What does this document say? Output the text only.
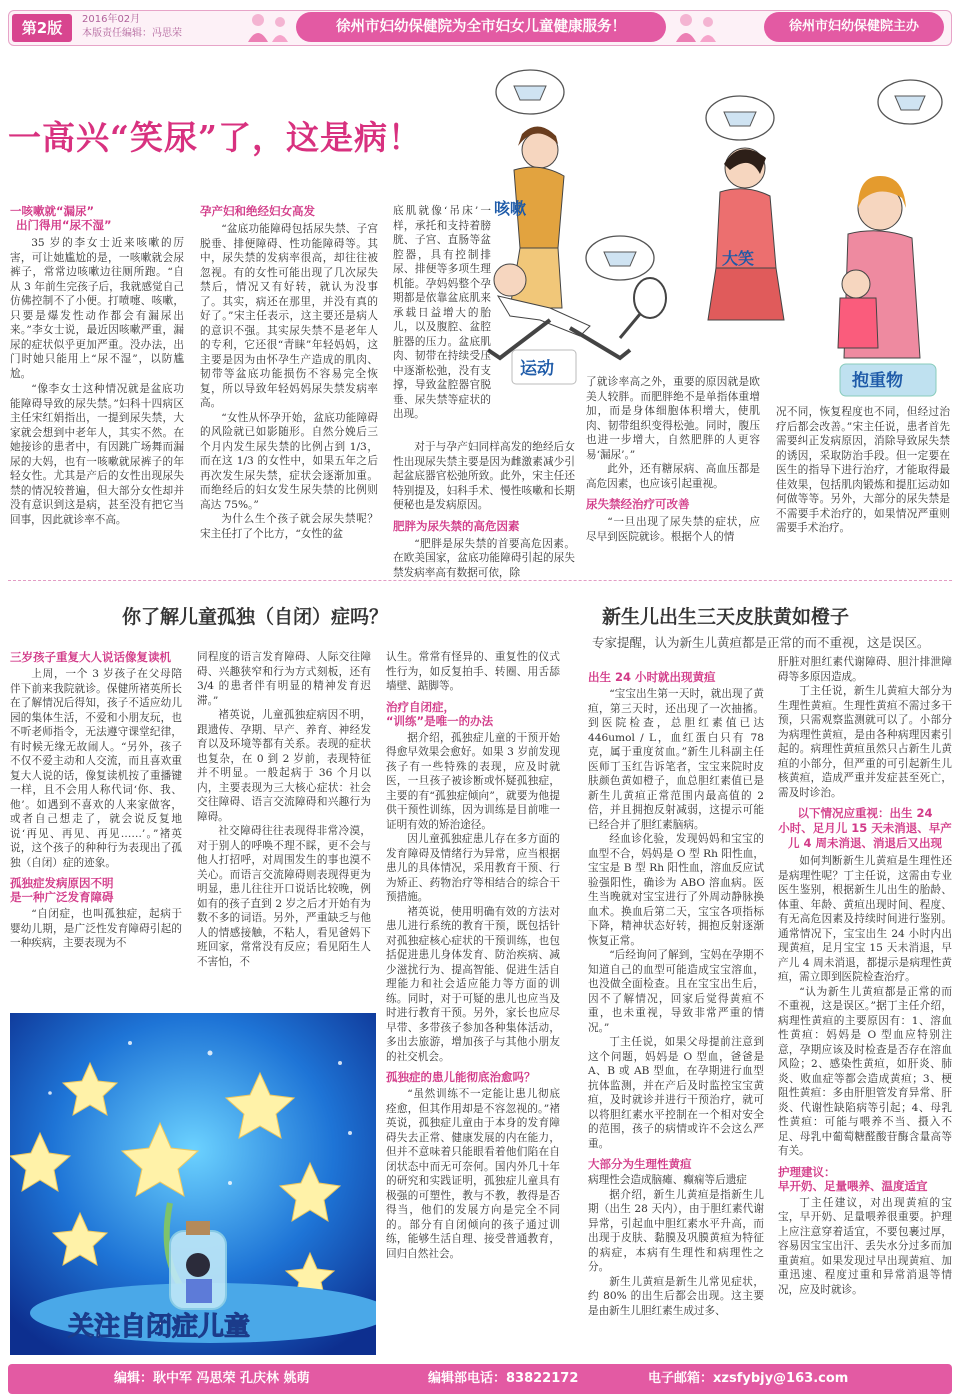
第2版	2016年02月
本版责任编辑：冯思荣	徐州市妇幼保健院为全市妇女儿童健康服务！	徐州市妇幼保健院主办
一高兴“笑尿”了，这是病！
咳嗽
大笑
运动
抱重物
一咳嗽就“漏尿”
出门得用“尿不湿”

35 岁的李女士近来咳嗽的厉害，可让她尴尬的是，一咳嗽就会尿裤子，常常边咳嗽边往厕所跑。“自从 3 年前生完孩子后，我就感觉自己仿佛控制不了小便。打喷嚏、咳嗽，只要是爆发性动作都会有漏尿出来。”李女士说，最近因咳嗽严重，漏尿的症状似乎更加严重。没办法，出门时她只能用上“尿不湿”，以防尴尬。

“像李女士这种情况就是盆底功能障碍导致的尿失禁。”妇科十四病区主任宋红娟指出，一提到尿失禁，大家就会想到中老年人，其实不然。在她接诊的患者中，有因跳广场舞而漏尿的大妈，也有一咳嗽就尿裤子的年轻女性。尤其是产后的女性出现尿失禁的情况较普遍，但大部分女性却并没有意识到这是病，甚至没有把它当回事，因此就诊率不高。

孕产妇和绝经妇女高发

“盆底功能障碍包括尿失禁、子宫脱垂、排便障碍、性功能障碍等。其中，尿失禁的发病率很高，却往往被忽视。有的女性可能出现了几次尿失禁后，情况又有好转，就认为没事了。其实，病还在那里，并没有真的好了。”宋主任表示，这主要还是病人的意识不强。其实尿失禁不是老年人的专利，它还很“青睐”年轻妈妈，这主要是因为由怀孕生产造成的肌肉、韧带等盆底功能损伤不容易完全恢复，所以导致年轻妈妈尿失禁发病率高。

“女性从怀孕开始，盆底功能障碍的风险就已如影随形。自然分娩后三个月内发生尿失禁的比例占到 1/3，而在这 1/3 的女性中，如果五年之后再次发生尿失禁，症状会逐渐加重。而绝经后的妇女发生尿失禁的比例则高达 75%。”

为什么生个孩子就会尿失禁呢？宋主任打了个比方，“女性的盆

底肌就像‘吊床’一样，承托和支持着膀胱、子宫、直肠等盆腔器，具有控制排尿、排便等多项生理机能。孕妈妈整个孕期都是依靠盆底肌来承载日益增大的胎儿，以及腹腔、盆腔脏器的压力。盆底肌肉、韧带在持续受压中逐渐松弛，没有支撑，导致盆腔器官脱垂、尿失禁等症状的出现。

对于与孕产妇同样高发的绝经后女性出现尿失禁主要是因为雌激素减少引起盆底器官松弛所致。此外，宋主任还特别提及，妇科手术、慢性咳嗽和长期便秘也是发病原因。

肥胖为尿失禁的高危因素

“肥胖是尿失禁的首要高危因素。在欧美国家，盆底功能障碍引起的尿失禁发病率高有数据可依，除

了就诊率高之外，重要的原因就是欧美人较胖。而肥胖绝不是单指体重增加，而是身体细胞体积增大，使肌肉、韧带组织变得松弛。同时，腹压也进一步增大，自然肥胖的人更容易‘漏尿’。”

此外，还有糖尿病、高血压都是高危因素，也应该引起重视。

尿失禁经治疗可改善

“一旦出现了尿失禁的症状，应尽早到医院就诊。根据个人的情

况不同，恢复程度也不同，但经过治疗后都会改善。”宋主任说，患者首先需要纠正发病原因，消除导致尿失禁的诱因，采取防治手段。但一定要在医生的指导下进行治疗，才能取得最佳效果，包括肌肉锻炼和提肛运动如何做等等。另外，大部分的尿失禁是不需要手术治疗的，如果情况严重则需要手术治疗。

你了解儿童孤独（自闭）症吗？
三岁孩子重复大人说话像复读机

上周，一个 3 岁孩子在父母陪伴下前来我院就诊。保健所褚英所长在了解情况后得知，孩子不适应幼儿园的集体生活，不爱和小朋友玩，也不听老师指令，无法遵守课堂纪律，有时候无缘无故闹人。“另外，孩子不仅不爱主动和人交流，而且喜欢重复大人说的话，像复读机按了重播键一样，且不会用人称代词‘你、我、他’。如遇到不喜欢的人来家做客，或者自己想走了，就会说反复地说‘再见、再见、再见……’。”褚英说，这个孩子的种种行为表现出了孤独（自闭）症的迹象。

孤独症发病原因不明
是一种广泛发育障碍

“自闭症，也叫孤独症，起病于婴幼儿期，是广泛性发育障碍引起的一种疾病，主要表现为不

同程度的语言发育障碍、人际交往障碍、兴趣狭窄和行为方式刻板，还有 3/4 的患者伴有明显的精神发育迟滞。”

褚英说，儿童孤独症病因不明，跟遗传、孕期、早产、养育、神经发育以及环境等都有关系。表现的症状也复杂，在 0 到 2 岁前，表现特征并不明显。一般起病于 36 个月以内，主要表现为三大核心症状：社会交往障碍、语言交流障碍和兴趣行为障碍。

社交障碍往往表现得非常冷漠，对于别人的呼唤不理不睬，更不会与他人打招呼，对周围发生的事也漠不关心。而语言交流障碍则表现得更为明显，患儿往往开口说话比较晚，例如有的孩子直到 2 岁之后才开始有为数不多的词语。另外，严重缺乏与他人的情感接触，不粘人，看见爸妈下班回家，常常没有反应；看见陌生人不害怕，不

认生。常常有怪异的、重复性的仪式性行为，如反复拍手、转圈、用舌舔墙壁、踮脚等。

治疗自闭症，
“训练”是唯一的办法

据介绍，孤独症儿童的干预开始得愈早效果会愈好。如果 3 岁前发现孩子有一些特殊的表现，应及时就医，一旦孩子被诊断或怀疑孤独症，主要的有“孤独症倾向”，就要为他提供干预性训练，因为训练是目前唯一证明有效的矫治途径。

因儿童孤独症患儿存在多方面的发育障碍及情绪行为异常，应当根据患儿的具体情况，采用教育干预、行为矫正、药物治疗等相结合的综合干预措施。

褚英说，使用明确有效的方法对患儿进行系统的教育干预，既包括针对孤独症核心症状的干预训练，也包括促进患儿身体发育、防治疾病、减少滋扰行为、提高智能、促进生活自理能力和社会适应能力等方面的训练。同时，对于可疑的患儿也应当及时进行教育干预。另外，家长也应尽早带、多带孩子参加各种集体活动，多出去旅游，增加孩子与其他小朋友的社交机会。

孤独症的患儿能彻底治愈吗？

“虽然训练不一定能让患儿彻底痊愈，但其作用却是不容忽视的。”褚英说，孤独症儿童由于本身的发育障碍失去正常、健康发展的内在能力，但并不意味着只能眼看着他们陷在自闭状态中而无可奈何。国内外几十年的研究和实践证明，孤独症儿童具有极强的可塑性，教与不教，教得是否得当，他们的发展方向是完全不同的。部分有自闭倾向的孩子通过训练，能够生活自理、接受普通教育，回归自然社会。

关注自闭症儿童
新生儿出生三天皮肤黄如橙子
专家提醒，认为新生儿黄疸都是正常的而不重视，这是误区。
出生 24 小时就出现黄疸

“宝宝出生第一天时，就出现了黄疸，第三天时，还出现了一次抽搐。到医院检查，总胆红素值已达 446umol / L，血红蛋白只有 78 克，属于重度贫血。”新生儿科副主任医师丁玉红告诉笔者，宝宝来院时皮肤颜色黄如橙子，血总胆红素值已是新生儿黄疸正常范围内最高值的 2 倍，并且拥抱反射减弱，这提示可能已经合并了胆红素脑病。

经血诊化验，发现妈妈和宝宝的血型不合，妈妈是 O 型 Rh 阳性血，宝宝是 B 型 Rh 阳性血，溶血反应试验强阳性，确诊为 ABO 溶血病。医生当晚就对宝宝进行了外周动静脉换血术。换血后第二天，宝宝各项指标下降，精神状态好转，拥抱反射逐渐恢复正常。

“后经询问了解到，宝妈在孕期不知道自己的血型可能造成宝宝溶血，也没做全面检查。且在宝宝出生后，因不了解情况，回家后觉得黄疸不重，也未重视，导致非常严重的情况。”

丁主任说，如果父母提前注意到这个问题，妈妈是 O 型血，爸爸是 A、B 或 AB 型血，在孕期进行血型抗体监测，并在产后及时监控宝宝黄疸，及时就诊并进行干预治疗，就可以将胆红素水平控制在一个相对安全的范围，孩子的病情或许不会这么严重。

大部分为生理性黄疸

病理性会造成脑瘫、癫痫等后遗症

据介绍，新生儿黄疸是指新生儿期（出生 28 天内），由于胆红素代谢异常，引起血中胆红素水平升高，而出现于皮肤、黏膜及巩膜黄疸为特征的病症，本病有生理性和病理性之分。

新生儿黄疸是新生儿常见症状，约 80% 的出生后都会出现。这主要是由新生儿胆红素生成过多、

肝脏对胆红素代谢障碍、胆汁排泄障碍等多原因造成。

丁主任说，新生儿黄疸大部分为生理性黄疸。生理性黄疸不需过多干预，只需观察监测就可以了。小部分为病理性黄疸，是由各种病理因素引起的。病理性黄疸虽然只占新生儿黄疸的小部分，但严重的可引起新生儿核黄疸，造成严重并发症甚至死亡，需及时诊治。

以下情况应重视：出生 24
小时、足月儿 15 天未消退、早产
儿 4 周未消退、消退后又出现

如何判断新生儿黄疸是生理性还是病理性呢？丁主任说，这需由专业医生鉴别，根据新生儿出生的胎龄、体重、年龄、黄疸出现时间、程度、有无高危因素及持续时间进行鉴别。通常情况下，宝宝出生 24 小时内出现黄疸，足月宝宝 15 天未消退，早产儿 4 周未消退，都提示是病理性黄疸，需立即到医院检查治疗。

“认为新生儿黄疸都是正常的而不重视，这是误区。”据丁主任介绍，病理性黄疸的主要原因有：1、溶血性黄疸：妈妈是 O 型血应特别注意，孕期应该及时检查是否存在溶血风险；2、感染性黄疸，如肝炎、肺炎、败血症等都会造成黄疸；3、梗阻性黄疸：多由肝胆管发育异常、肝炎、代谢性缺陷病等引起；4、母乳性黄疸：可能与喂养不当、摄入不足、母乳中葡萄糖醛酸苷酶含量高等有关。

护理建议：
早开奶、足量喂养、温度适宜

丁主任建议，对出现黄疸的宝宝，早开奶、足量喂养很重要。护理上应注意穿着适宜，不要包裹过厚，容易因宝宝出汗、丢失水分过多而加重黄疸。如果发现过早出现黄疸、加重迅速、程度过重和异常消退等情况，应及时就诊。

编辑：耿中军 冯思荣 孔庆林 姚萌	编辑部电话：83822172	电子邮箱：xzsfybjy@163.com
